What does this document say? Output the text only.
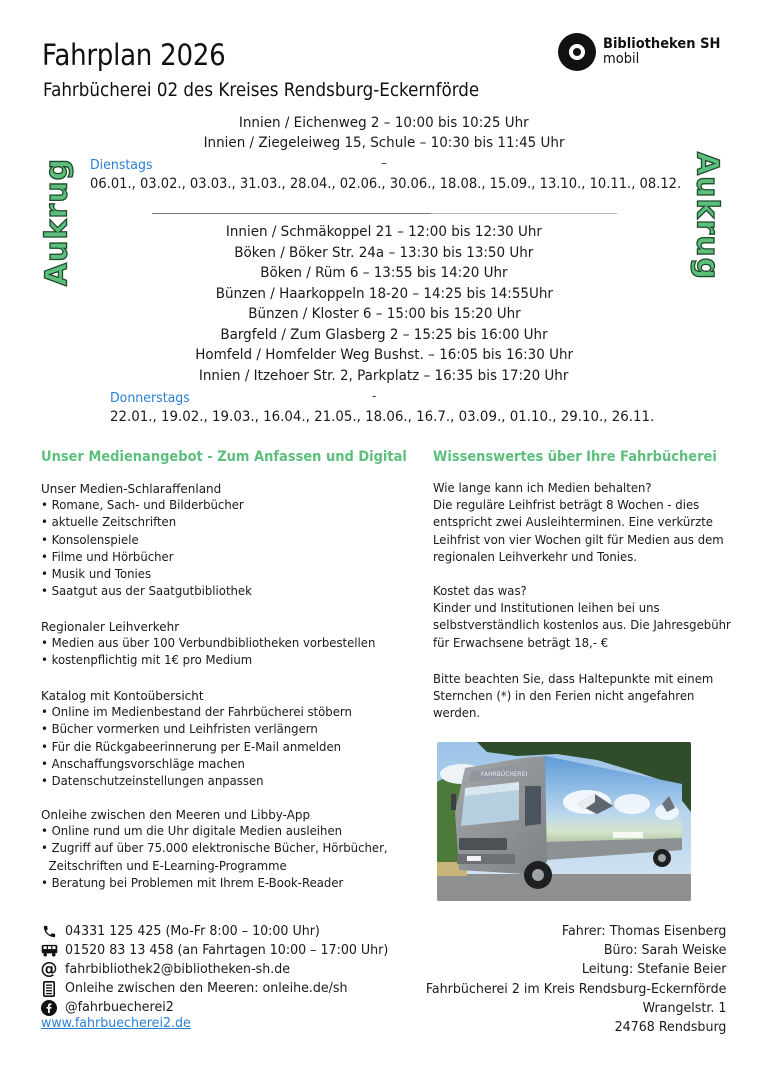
Fahrplan 2026
Fahrbücherei 02 des Kreises Rendsburg-Eckernförde
Bibliotheken SH
mobil
Aukrug	Aukrug
Innien / Eichenweg 2 – 10:00 bis 10:25 Uhr
Innien / Ziegeleiweg 15, Schule – 10:30 bis 11:45 Uhr
Dienstags	–
06.01., 03.02., 03.03., 31.03., 28.04., 02.06., 30.06., 18.08., 15.09., 13.10., 10.11., 08.12.
Innien / Schmäkoppel 21 – 12:00 bis 12:30 Uhr
Böken / Böker Str. 24a – 13:30 bis 13:50 Uhr
Böken / Rüm 6 – 13:55 bis 14:20 Uhr
Bünzen / Haarkoppeln 18-20 – 14:25 bis 14:55Uhr
Bünzen / Kloster 6 – 15:00 bis 15:20 Uhr
Bargfeld / Zum Glasberg 2 – 15:25 bis 16:00 Uhr
Homfeld / Homfelder Weg Bushst. – 16:05 bis 16:30 Uhr
Innien / Itzehoer Str. 2, Parkplatz – 16:35 bis 17:20 Uhr
Donnerstags	-
22.01., 19.02., 19.03., 16.04., 21.05., 18.06., 16.7., 03.09., 01.10., 29.10., 26.11.
Unser Medienangebot - Zum Anfassen und Digital
Unser Medien-Schlaraffenland
• Romane, Sach- und Bilderbücher
• aktuelle Zeitschriften
• Konsolenspiele
• Filme und Hörbücher
• Musik und Tonies
• Saatgut aus der Saatgutbibliothek
Regionaler Leihverkehr
• Medien aus über 100 Verbundbibliotheken vorbestellen
• kostenpflichtig mit 1€ pro Medium
Katalog mit Kontoübersicht
• Online im Medienbestand der Fahrbücherei stöbern
• Bücher vormerken und Leihfristen verlängern
• Für die Rückgabeerinnerung per E-Mail anmelden
• Anschaffungsvorschläge machen
• Datenschutzeinstellungen anpassen
Onleihe zwischen den Meeren und Libby-App
• Online rund um die Uhr digitale Medien ausleihen
• Zugriff auf über 75.000 elektronische Bücher, Hörbücher,
Zeitschriften und E-Learning-Programme
• Beratung bei Problemen mit Ihrem E-Book-Reader
Wissenswertes über Ihre Fahrbücherei
Wie lange kann ich Medien behalten?
Die reguläre Leihfrist beträgt 8 Wochen - dies
entspricht zwei Ausleihterminen. Eine verkürzte
Leihfrist von vier Wochen gilt für Medien aus dem
regionalen Leihverkehr und Tonies.
Kostet das was?
Kinder und Institutionen leihen bei uns
selbstverständlich kostenlos aus. Die Jahresgebühr
für Erwachsene beträgt 18,- €
Bitte beachten Sie, dass Haltepunkte mit einem
Sternchen (*) in den Ferien nicht angefahren
werden.
FAHRBÜCHEREI
04331 125 425 (Mo-Fr 8:00 – 10:00 Uhr)
01520 83 13 458 (an Fahrtagen 10:00 – 17:00 Uhr)
@ fahrbibliothek2@bibliotheken-sh.de
Onleihe zwischen den Meeren: onleihe.de/sh
@fahrbuecherei2
www.fahrbuecherei2.de
Fahrer: Thomas Eisenberg
Büro: Sarah Weiske
Leitung: Stefanie Beier
Fahrbücherei 2 im Kreis Rendsburg-Eckernförde
Wrangelstr. 1
24768 Rendsburg
